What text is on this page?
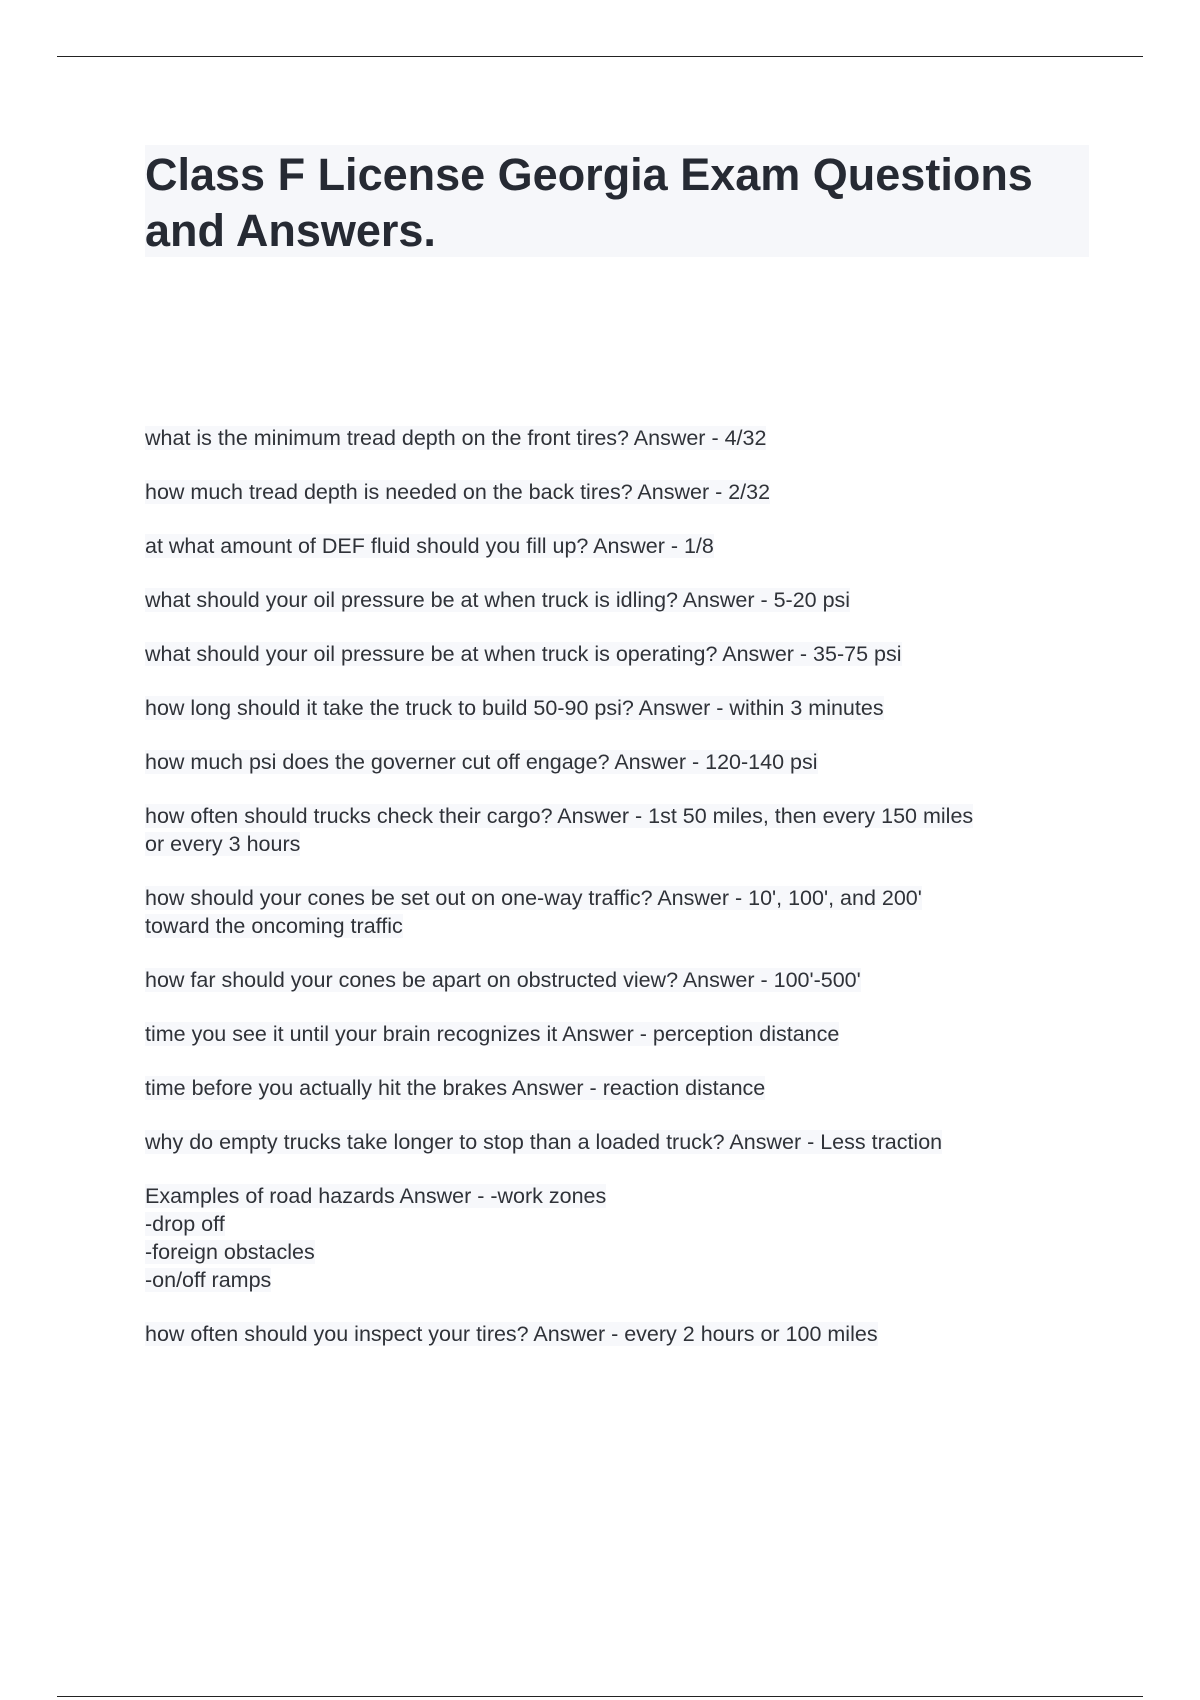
Class F License Georgia Exam Questions and Answers.
what is the minimum tread depth on the front tires? Answer - 4/32
how much tread depth is needed on the back tires? Answer - 2/32
at what amount of DEF fluid should you fill up? Answer - 1/8
what should your oil pressure be at when truck is idling? Answer - 5-20 psi
what should your oil pressure be at when truck is operating? Answer - 35-75 psi
how long should it take the truck to build 50-90 psi? Answer - within 3 minutes
how much psi does the governer cut off engage? Answer - 120-140 psi
how often should trucks check their cargo? Answer - 1st 50 miles, then every 150 miles
or every 3 hours
how should your cones be set out on one-way traffic? Answer - 10', 100', and 200'
toward the oncoming traffic
how far should your cones be apart on obstructed view? Answer - 100'-500'
time you see it until your brain recognizes it Answer - perception distance
time before you actually hit the brakes Answer - reaction distance
why do empty trucks take longer to stop than a loaded truck? Answer - Less traction
Examples of road hazards Answer - -work zones
-drop off
-foreign obstacles
-on/off ramps
how often should you inspect your tires? Answer - every 2 hours or 100 miles
